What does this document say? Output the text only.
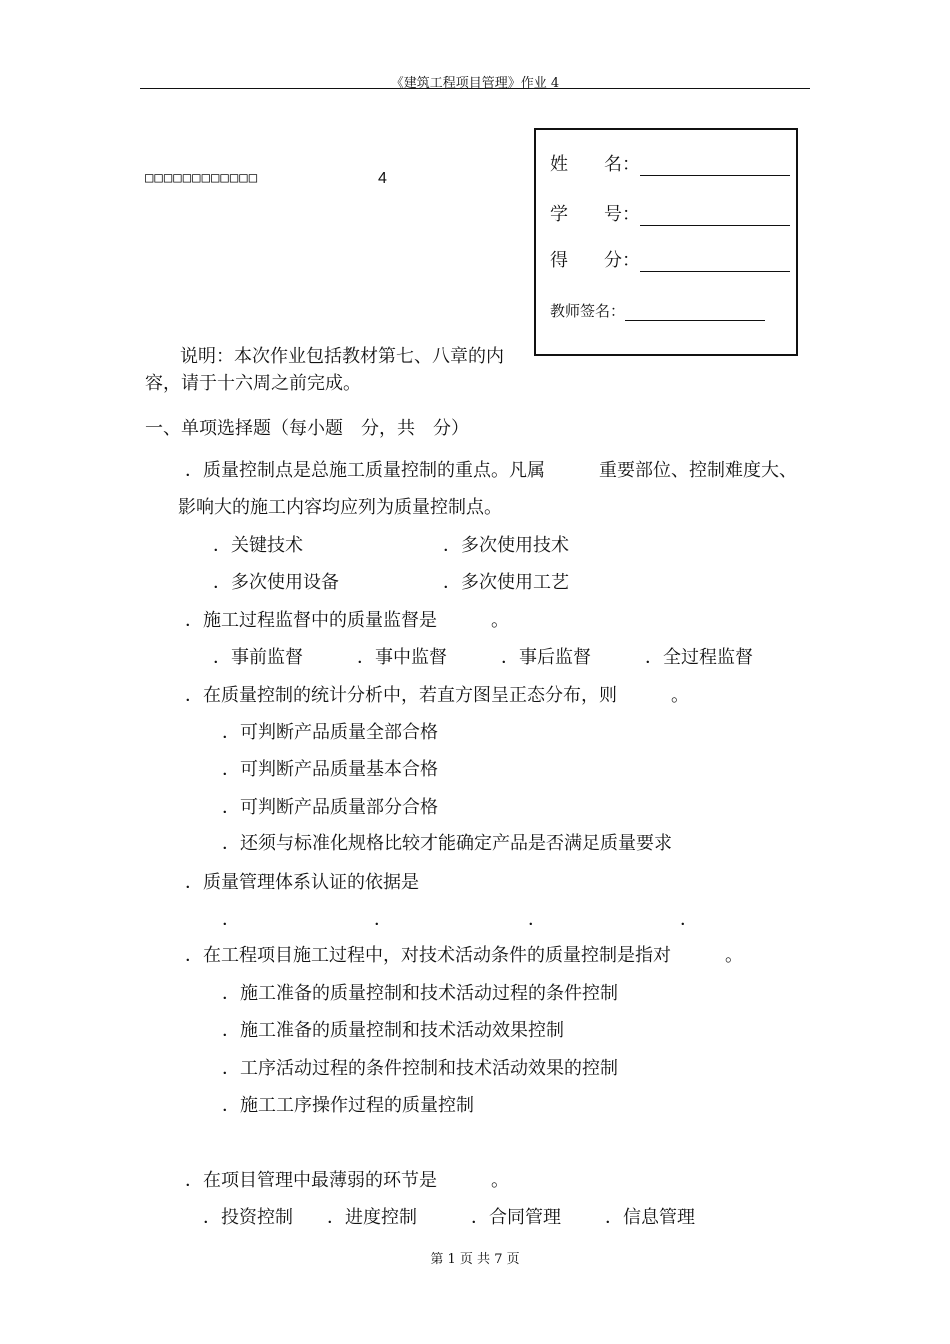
《建筑工程项目管理》作业 4
□□□□□□□□□□□□	4
姓　　名：
学　　号：
得　　分：
教师签名：
说明：本次作业包括教材第七、八章的内容，请于十六周之前完成。
一、单项选择题（每小题　分，共　分）
．质量控制点是总施工质量控制的重点。凡属　　　重要部位、控制难度大、
影响大的施工内容均应列为质量控制点。
．关键技术	．多次使用技术
．多次使用设备	．多次使用工艺
．施工过程监督中的质量监督是　　　。
．事前监督	．事中监督	．事后监督	．全过程监督
．在质量控制的统计分析中，若直方图呈正态分布，则　　　。
．可判断产品质量全部合格
．可判断产品质量基本合格
．可判断产品质量部分合格
．还须与标准化规格比较才能确定产品是否满足质量要求
．质量管理体系认证的依据是
．	．	．	．
．在工程项目施工过程中，对技术活动条件的质量控制是指对　　　。
．施工准备的质量控制和技术活动过程的条件控制
．施工准备的质量控制和技术活动效果控制
．工序活动过程的条件控制和技术活动效果的控制
．施工工序操作过程的质量控制
．在项目管理中最薄弱的环节是　　　。
．投资控制 ．进度控制	．合同管理 ．信息管理
第 1 页 共 7 页
